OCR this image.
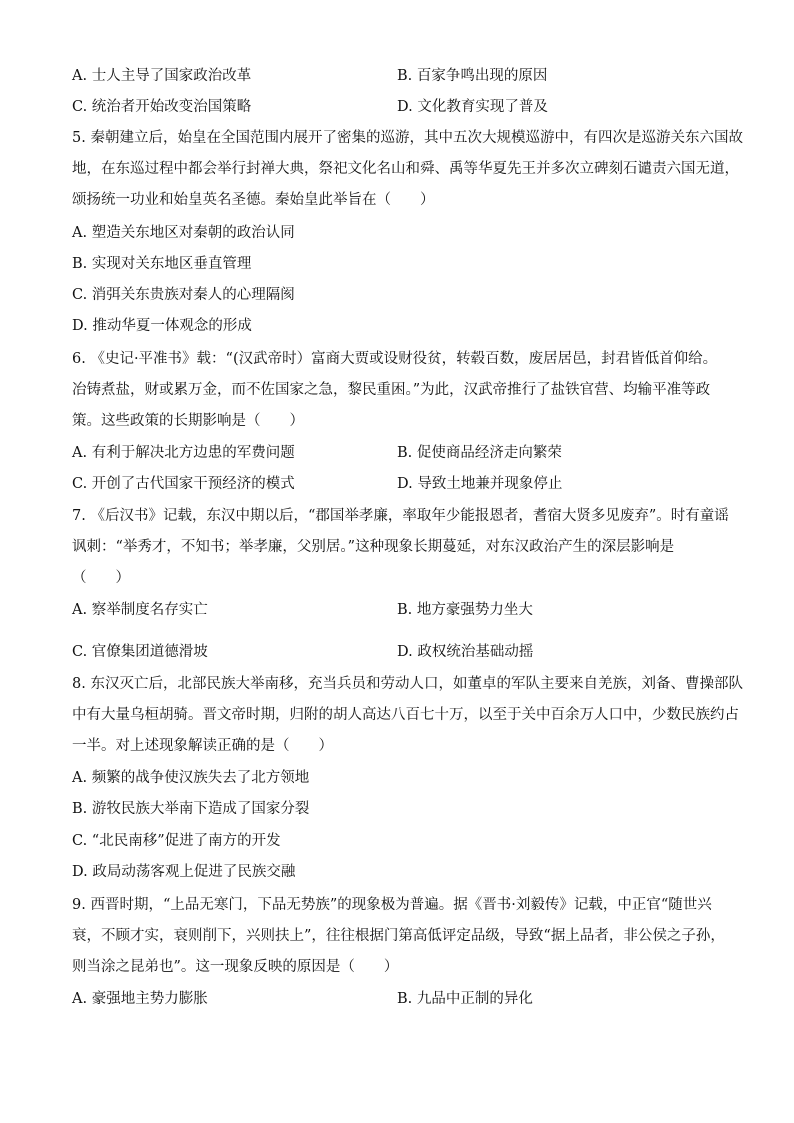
A. 士人主导了国家政治改革	B. 百家争鸣出现的原因
C. 统治者开始改变治国策略	D. 文化教育实现了普及
5. 秦朝建立后，始皇在全国范围内展开了密集的巡游，其中五次大规模巡游中，有四次是巡游关东六国故
地，在东巡过程中都会举行封禅大典，祭祀文化名山和舜、禹等华夏先王并多次立碑刻石谴责六国无道，
颂扬统一功业和始皇英名圣德。秦始皇此举旨在（　　）
A. 塑造关东地区对秦朝的政治认同
B. 实现对关东地区垂直管理
C. 消弭关东贵族对秦人的心理隔阂
D. 推动华夏一体观念的形成
6. 《史记·平准书》载：“(汉武帝时）富商大贾或设财役贫，转毂百数，废居居邑，封君皆低首仰给。
冶铸煮盐，财或累万金，而不佐国家之急，黎民重困。”为此，汉武帝推行了盐铁官营、均输平准等政
策。这些政策的长期影响是（　　）
A. 有利于解决北方边患的军费问题	B. 促使商品经济走向繁荣
C. 开创了古代国家干预经济的模式	D. 导致土地兼并现象停止
7. 《后汉书》记载，东汉中期以后，“郡国举孝廉，率取年少能报恩者，耆宿大贤多见废弃”。时有童谣
讽刺：“举秀才，不知书；举孝廉，父别居。”这种现象长期蔓延，对东汉政治产生的深层影响是
（　　）
A. 察举制度名存实亡	B. 地方豪强势力坐大
C. 官僚集团道德滑坡	D. 政权统治基础动摇
8. 东汉灭亡后，北部民族大举南移，充当兵员和劳动人口，如董卓的军队主要来自羌族，刘备、曹操部队
中有大量乌桓胡骑。晋文帝时期，归附的胡人高达八百七十万，以至于关中百余万人口中，少数民族约占
一半。对上述现象解读正确的是（　　）
A. 频繁的战争使汉族失去了北方领地
B. 游牧民族大举南下造成了国家分裂
C. “北民南移”促进了南方的开发
D. 政局动荡客观上促进了民族交融
9. 西晋时期，“上品无寒门，下品无势族”的现象极为普遍。据《晋书·刘毅传》记载，中正官“随世兴
衰，不顾才实，衰则削下，兴则扶上”，往往根据门第高低评定品级，导致“据上品者，非公侯之子孙，
则当涂之昆弟也”。这一现象反映的原因是（　　）
A. 豪强地主势力膨胀	B. 九品中正制的异化
